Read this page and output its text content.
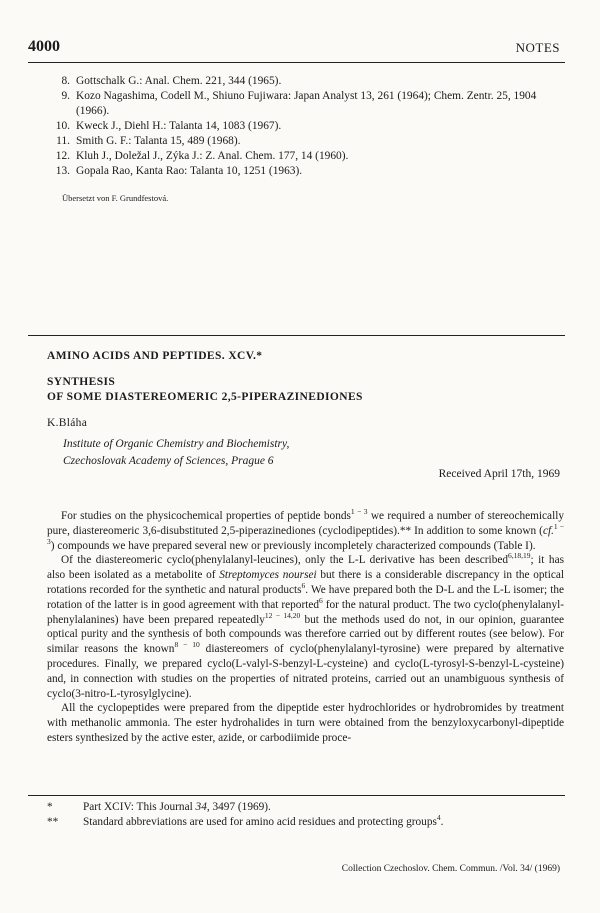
4000	NOTES
8. Gottschalk G.: Anal. Chem. 221, 344 (1965).
9. Kozo Nagashima, Codell M., Shiuno Fujiwara: Japan Analyst 13, 261 (1964); Chem. Zentr. 25, 1904 (1966).
10. Kweck J., Diehl H.: Talanta 14, 1083 (1967).
11. Smith G. F.: Talanta 15, 489 (1968).
12. Kluh J., Doležal J., Zýka J.: Z. Anal. Chem. 177, 14 (1960).
13. Gopala Rao, Kanta Rao: Talanta 10, 1251 (1963).
Übersetzt von F. Grundfestová.
AMINO ACIDS AND PEPTIDES. XCV.*
SYNTHESIS
OF SOME DIASTEREOMERIC 2,5-PIPERAZINEDIONES
K.Bláha
Institute of Organic Chemistry and Biochemistry,
Czechoslovak Academy of Sciences, Prague 6
Received April 17th, 1969

For studies on the physicochemical properties of peptide bonds$^{1 - 3}$ we required a number of stereochemically pure, diastereomeric 3,6-disubstituted 2,5-piperazinediones (cyclodipeptides).** In addition to some known (cf.$^{1 - 3}$) compounds we have prepared several new or previously incompletely characterized compounds (Table I).

Of the diastereomeric cyclo(phenylalanyl-leucines), only the L-L derivative has been described$^{6,18,19}$; it has also been isolated as a metabolite of Streptomyces noursei but there is a considerable discrepancy in the optical rotations recorded for the synthetic and natural products$^6$. We have prepared both the D-L and the L-L isomer; the rotation of the latter is in good agreement with that reported$^6$ for the natural product. The two cyclo(phenylalanyl-phenylalanines) have been prepared repeatedly$^{12 - 14,20}$ but the methods used do not, in our opinion, guarantee optical purity and the synthesis of both compounds was therefore carried out by different routes (see below). For similar reasons the known$^{8 - 10}$ diastereomers of cyclo(phenylalanyl-tyrosine) were prepared by alternative procedures. Finally, we prepared cyclo(L-valyl-S-benzyl-L-cysteine) and cyclo(L-tyrosyl-S-benzyl-L-cysteine) and, in connection with studies on the properties of nitrated proteins, carried out an unambiguous synthesis of cyclo(3-nitro-L-tyrosylglycine).

All the cyclopeptides were prepared from the dipeptide ester hydrochlorides or hydrobromides by treatment with methanolic ammonia. The ester hydrohalides in turn were obtained from the benzyloxycarbonyl-dipeptide esters synthesized by the active ester, azide, or carbodiimide proce-

*	Part XCIV: This Journal 34, 3497 (1969).
**	Standard abbreviations are used for amino acid residues and protecting groups$^4$.
Collection Czechoslov. Chem. Commun. /Vol. 34/ (1969)
